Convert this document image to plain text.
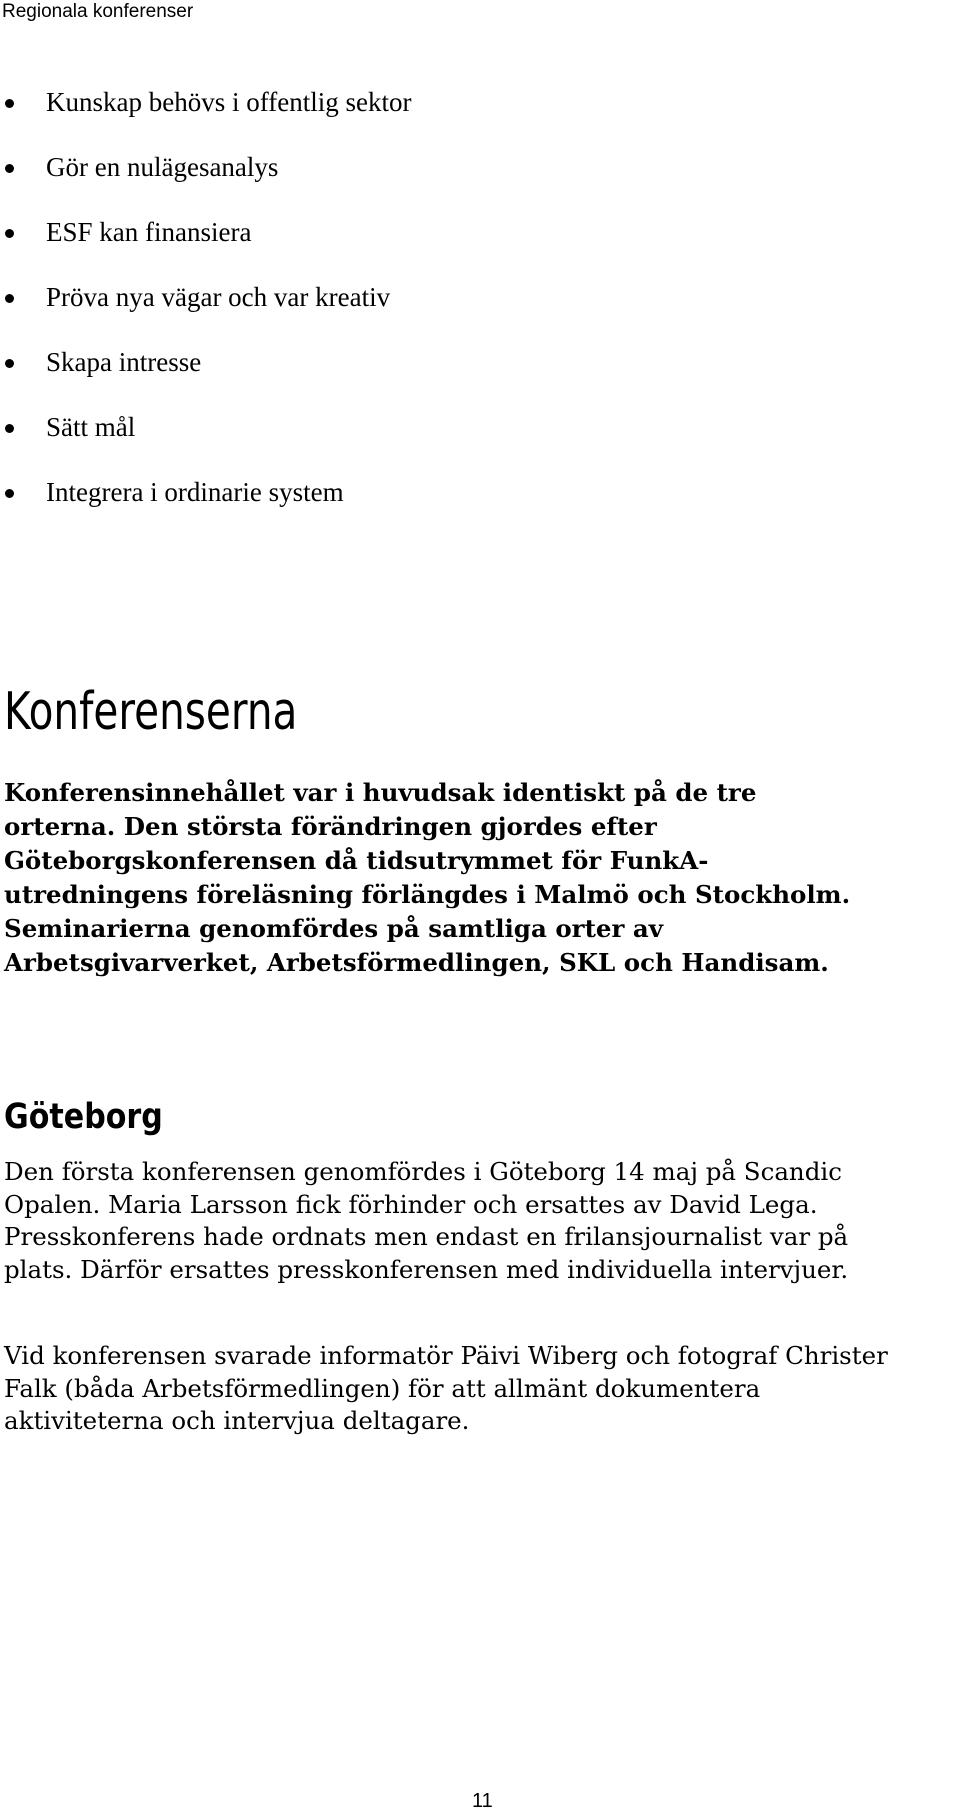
Regionala konferenser
Kunskap behövs i offentlig sektor
Gör en nulägesanalys
ESF kan finansiera
Pröva nya vägar och var kreativ
Skapa intresse
Sätt mål
Integrera i ordinarie system
Konferenserna
Konferensinnehållet var i huvudsak identiskt på de tre
orterna. Den största förändringen gjordes efter
Göteborgskonferensen då tidsutrymmet för FunkA-
utredningens föreläsning förlängdes i Malmö och Stockholm.
Seminarierna genomfördes på samtliga orter av
Arbetsgivarverket, Arbetsförmedlingen, SKL och Handisam.
Göteborg
Den första konferensen genomfördes i Göteborg 14 maj på Scandic
Opalen. Maria Larsson fick förhinder och ersattes av David Lega.
Presskonferens hade ordnats men endast en frilansjournalist var på
plats. Därför ersattes presskonferensen med individuella intervjuer.
Vid konferensen svarade informatör Päivi Wiberg och fotograf Christer
Falk (båda Arbetsförmedlingen) för att allmänt dokumentera
aktiviteterna och intervjua deltagare.
11
